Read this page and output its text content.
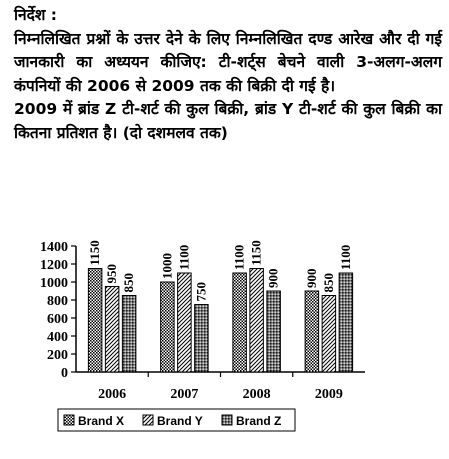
निर्देश :

निम्नलिखित प्रश्नों के उत्तर देने के लिए निम्नलिखित दण्ड आरेख और दी गई जानकारी का अध्ययन कीजिए: टी-शर्ट्स बेचने वाली 3-अलग-अलग कंपनियों की 2006 से 2009 तक की बिक्री दी गई है।

2009 में ब्रांड Z टी-शर्ट की कुल बिक्री, ब्रांड Y टी-शर्ट की कुल बिक्री का कितना प्रतिशत है। (दो दशमलव तक)

0
200
400
600
800
1000
1200
1400 1150
950 850
2006
1000 1100
750
2007
1100 1150
900
2008
900 850
1100
2009
Brand X	Brand Y	Brand Z
